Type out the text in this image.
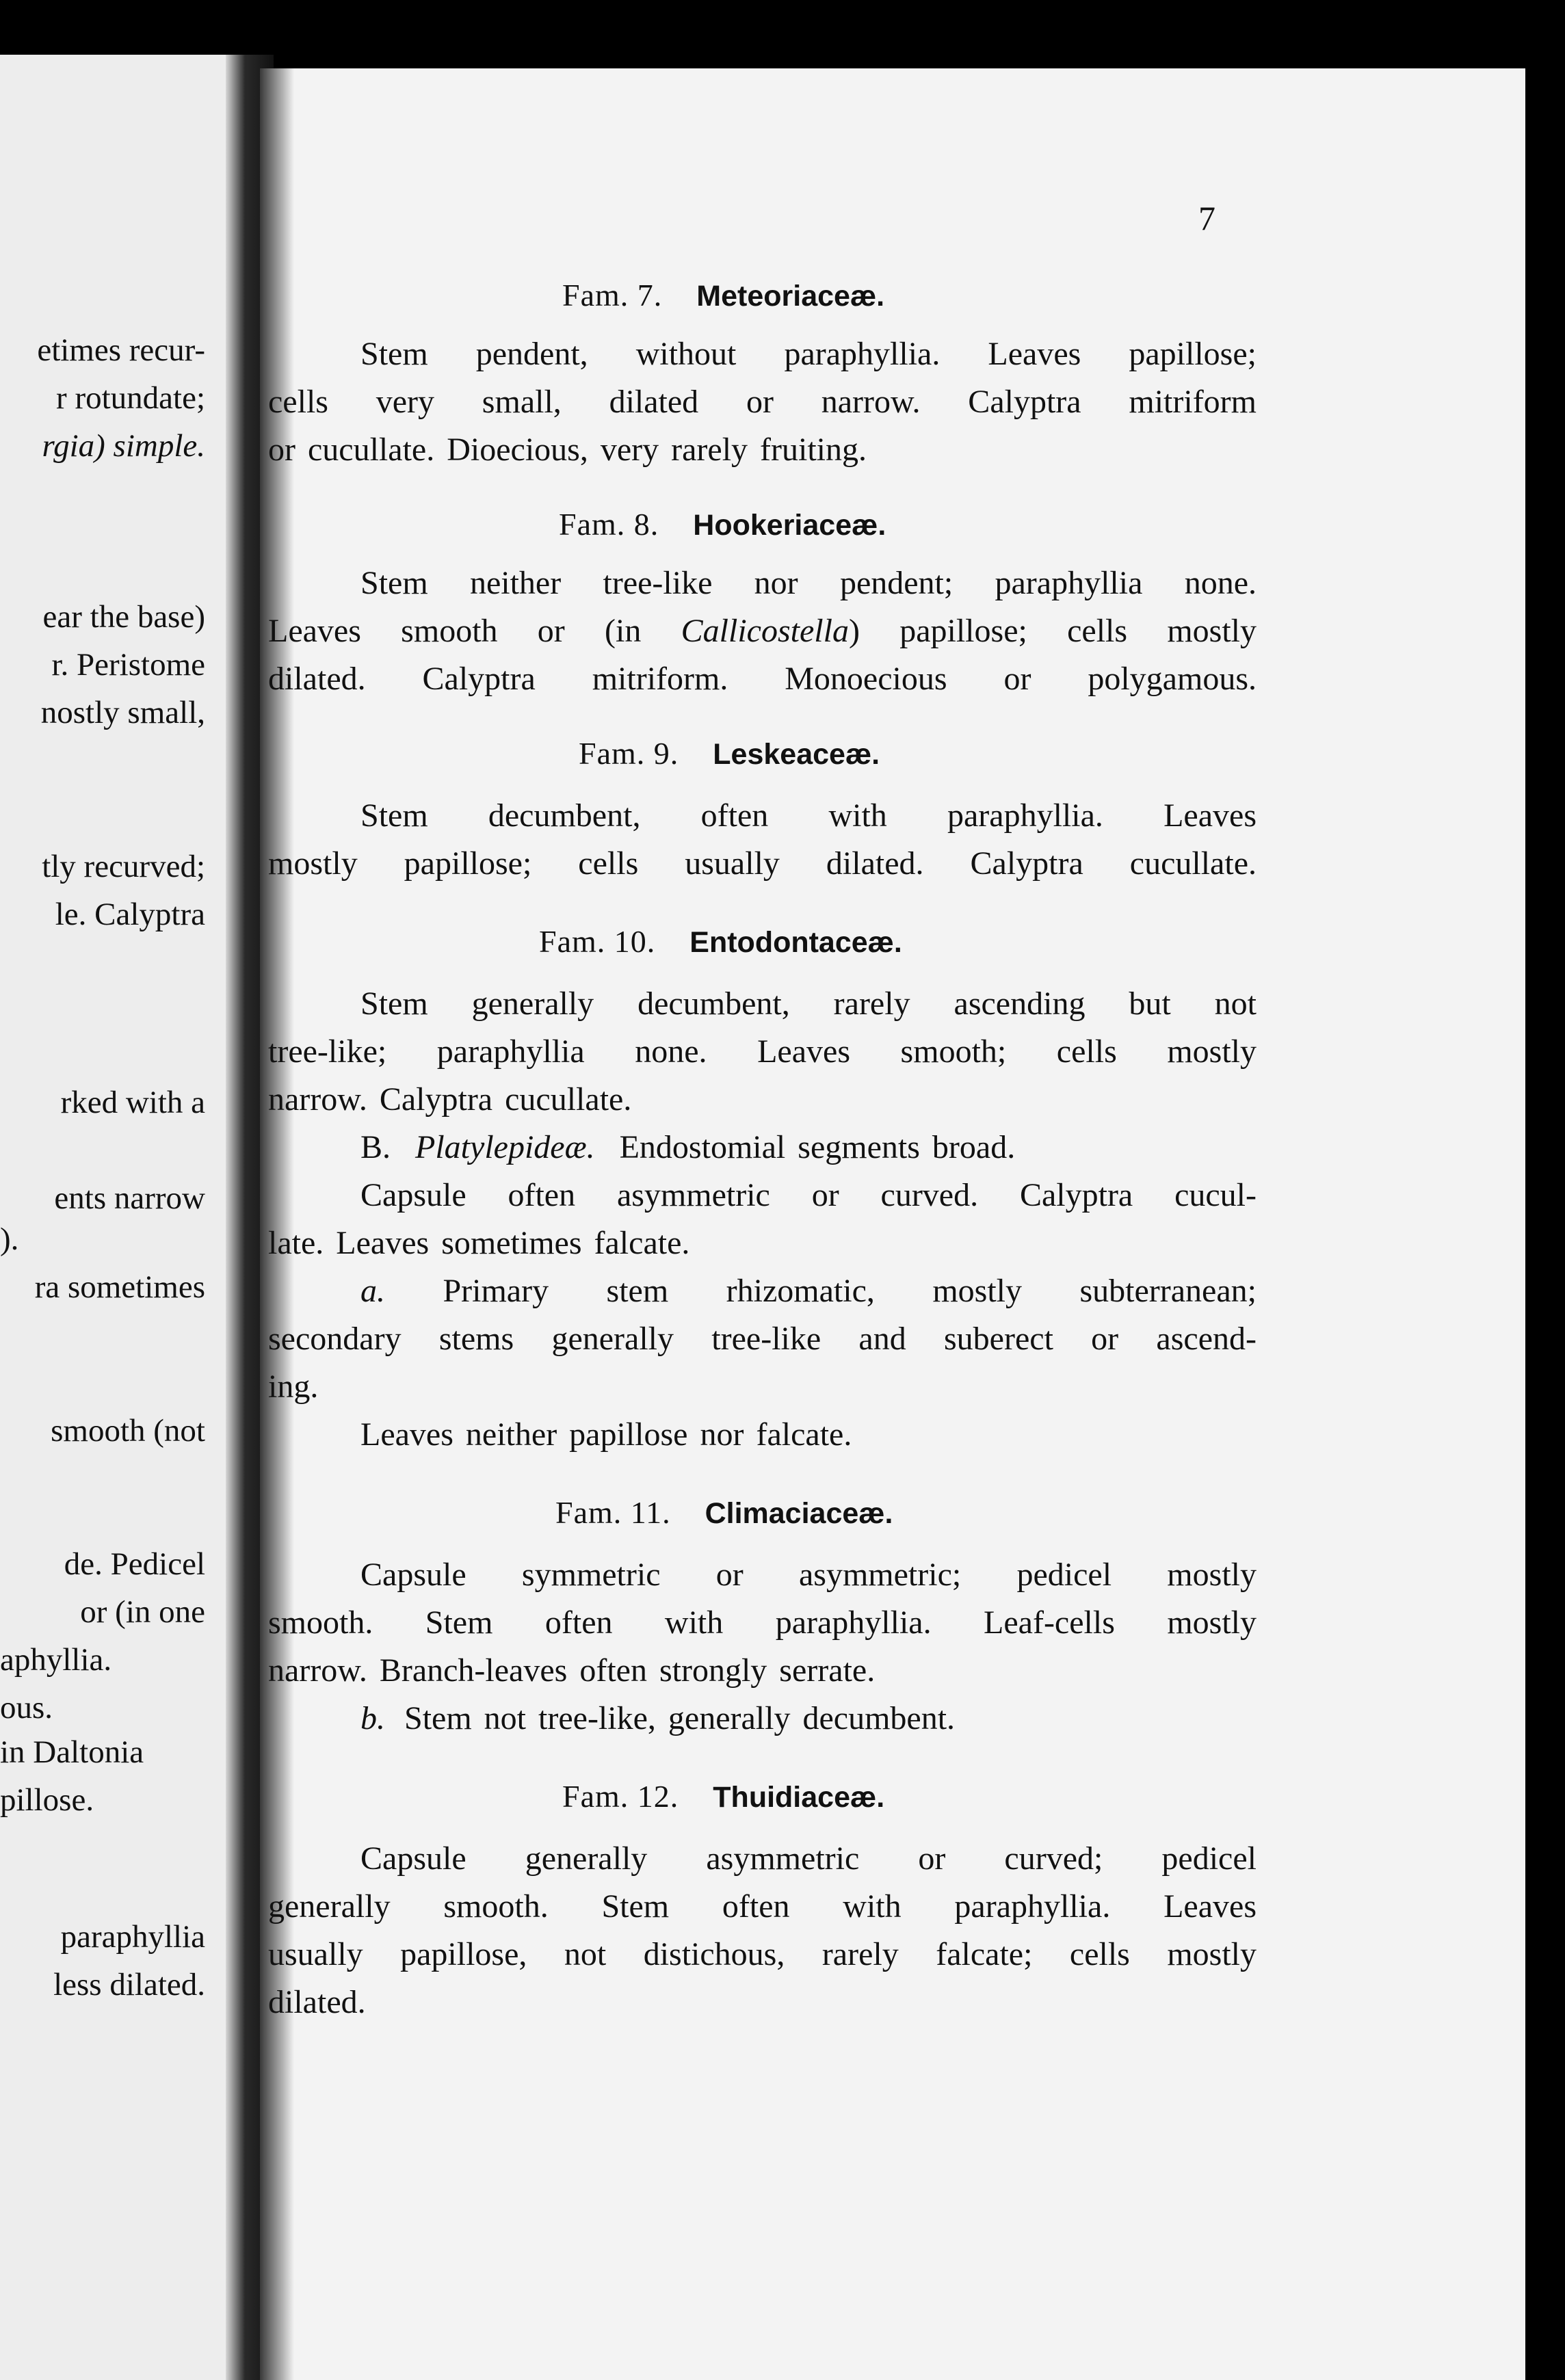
etimes recur-
r rotundate;
rgia) simple.
ear the base)
r. Peristome
nostly small,
tly recurved;
le. Calyptra
rked with a
ents narrow
).
ra sometimes
smooth (not
de. Pedicel
or (in one
aphyllia.
ous.
in Daltonia
pillose.
paraphyllia
less dilated.
7
Fam. 7. Meteoriaceæ.
Stem pendent, without paraphyllia. Leaves papillose;
cells very small, dilated or narrow. Calyptra mitriform
or cucullate. Dioecious, very rarely fruiting.
Fam. 8. Hookeriaceæ.
Stem neither tree-like nor pendent; paraphyllia none.
Leaves smooth or (in Callicostella) papillose; cells mostly
dilated. Calyptra mitriform. Monoecious or polygamous.
Fam. 9. Leskeaceæ.
Stem decumbent, often with paraphyllia. Leaves
mostly papillose; cells usually dilated. Calyptra cucullate.
Fam. 10. Entodontaceæ.
Stem generally decumbent, rarely ascending but not
tree-like; paraphyllia none. Leaves smooth; cells mostly
narrow. Calyptra cucullate.
B. Platylepideæ. Endostomial segments broad.
Capsule often asymmetric or curved. Calyptra cucul-
late. Leaves sometimes falcate.
a. Primary stem rhizomatic, mostly subterranean;
secondary stems generally tree-like and suberect or ascend-
ing.
Leaves neither papillose nor falcate.
Fam. 11. Climaciaceæ.
Capsule symmetric or asymmetric; pedicel mostly
smooth. Stem often with paraphyllia. Leaf-cells mostly
narrow. Branch-leaves often strongly serrate.
b. Stem not tree-like, generally decumbent.
Fam. 12. Thuidiaceæ.
Capsule generally asymmetric or curved; pedicel
generally smooth. Stem often with paraphyllia. Leaves
usually papillose, not distichous, rarely falcate; cells mostly
dilated.
